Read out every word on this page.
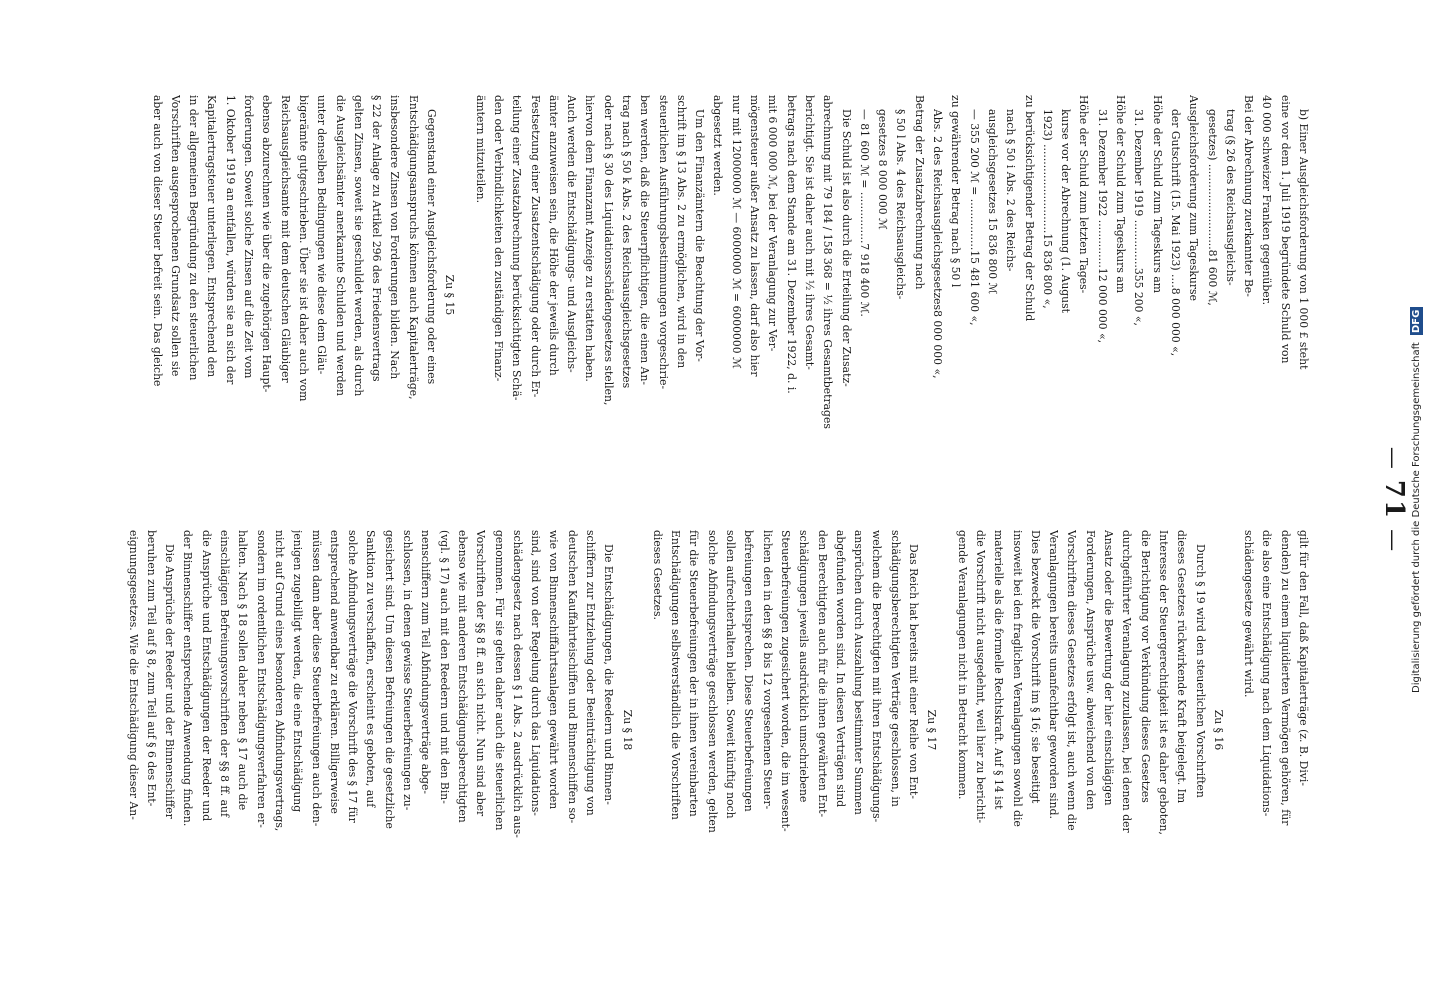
— 71 —
b) Einer Ausgleichsforderung von 1 000 £ steht
eine vor dem 1. Juli 1919 begründete Schuld von
40 000 schweizer Franken gegenüber.
Bei der Abrechnung zuerkannter Be-
trag (§ 26 des Reichsausgleichs-
gesetzes) .........................81 600 ℳ,
Ausgleichsforderung zum Tageskurse
der Gutschrift (15. Mai 1923) ....8 000 000 «,
Höhe der Schuld zum Tageskurs am
31. Dezember 1919 ..............355 200 «,
Höhe der Schuld zum Tageskurs am
31. Dezember 1922 ..............12 000 000 «,
Höhe der Schuld zum letzten Tages-
kurse vor der Abrechnung (1. August
1923) ..........................15 836 800 «,
zu berücksichtigender Betrag der Schuld
nach § 50 i Abs. 2 des Reichs-
ausgleichsgesetzes 15 836 800 ℳ
— 355 200 ℳ = ...............15 481 600 «,
zu gewährender Betrag nach § 50 l
Abs. 2 des Reichsausgleichsgesetzes8 000 000 «,
Betrag der Zusatzabrechnung nach
§ 50 l Abs. 4 des Reichsausgleichs-
gesetzes 8 000 000 ℳ
— 81 600 ℳ = ...............7 918 400 ℳ.
Die Schuld ist also durch die Erteilung der Zusatz-
abrechnung mit 79 184 / 158 368 = ½ ihres Gesamtbetrages
berichtigt. Sie ist daher auch mit ½ ihres Gesamt-
betrags nach dem Stande am 31. Dezember 1922, d. i.
mit 6 000 000 ℳ, bei der Veranlagung zur Ver-
mögensteuer außer Ansatz zu lassen, darf also hier
nur mit 12000000 ℳ — 6000000 ℳ = 6000000 ℳ
abgesetzt werden.
Um den Finanzämtern die Beachtung der Vor-
schrift im § 13 Abs. 2 zu ermöglichen, wird in den
steuerlichen Ausführungsbestimmungen vorgeschrie-
ben werden, daß die Steuerpflichtigen, die einen An-
trag nach § 50 k Abs. 2 des Reichsausgleichsgesetzes
oder nach § 30 des Liquidationsschädengesetzes stellen,
hiervon dem Finanzamt Anzeige zu erstatten haben.
Auch werden die Entschädigungs- und Ausgleichs-
ämter anzuweisen sein, die Höhe der jeweils durch
Festsetzung einer Zusatzentschädigung oder durch Er-
teilung einer Zusatzabrechnung berücksichtigten Schä-
den oder Verbindlichkeiten den zuständigen Finanz-
ämtern mitzuteilen.
Zu § 15
Gegenstand einer Ausgleichsforderung oder eines
Entschädigungsanspruchs können auch Kapitalerträge,
insbesondere Zinsen von Forderungen bilden. Nach
§ 22 der Anlage zu Artikel 296 des Friedensvertrags
gelten Zinsen, soweit sie geschuldet werden, als durch
die Ausgleichsämter anerkannte Schulden und werden
unter denselben Bedingungen wie diese dem Gläu-
bigerämte gutgeschrieben. Über sie ist daher auch vom
Reichsausgleichsamte mit dem deutschen Gläubiger
ebenso abzurechnen wie über die zugehörigen Haupt-
forderungen. Soweit solche Zinsen auf die Zeit vom
1. Oktober 1919 an entfallen, würden sie an sich der
Kapitalertragsteuer unterliegen. Entsprechend den
in der allgemeinen Begründung zu den steuerlichen
Vorschriften ausgesprochenen Grundsatz sollen sie
aber auch von dieser Steuer befreit sein. Das gleiche
gilt für den Fall, daß Kapitalerträge (z. B. Divi-
denden) zu einem liquidierten Vermögen gehören, für
die also eine Entschädigung nach dem Liquidations-
schädengesetze gewährt wird.
Zu § 16
Durch § 19 wird den steuerlichen Vorschriften
dieses Gesetzes rückwirkende Kraft beigelegt. Im
Interesse der Steuergerechtigkeit ist es daher geboten,
die Berichtigung vor Verkündung dieses Gesetzes
durchgeführter Veranlagung zuzulassen, bei denen der
Ansatz oder die Bewertung der hier einschlägigen
Forderungen, Ansprüche usw. abweichend von den
Vorschriften dieses Gesetzes erfolgt ist, auch wenn die
Veranlagungen bereits unanfechtbar geworden sind.
Dies bezweckt die Vorschrift im § 16; sie beseitigt
insoweit bei den fraglichen Veranlagungen sowohl die
materielle als die formelle Rechtskraft. Auf § 14 ist
die Vorschrift nicht ausgedehnt, weil hier zu berichti-
gende Veranlagungen nicht in Betracht kommen.
Zu § 17
Das Reich hat bereits mit einer Reihe von Ent-
schädigungsberechtigten Verträge geschlossen, in
welchem die Berechtigten mit ihren Entschädigungs-
ansprüchen durch Auszahlung bestimmter Summen
abgefunden worden sind. In diesen Verträgen sind
den Berechtigten auch für die ihnen gewährten Ent-
schädigungen jeweils ausdrücklich umschriebene
Steuerbefreiungen zugesichert worden, die im wesent-
lichen den in den §§ 8 bis 12 vorgesehenen Steuer-
befreiungen entsprechen. Diese Steuerbefreiungen
sollen aufrechterhalten bleiben. Soweit künftig noch
solche Abfindungsverträge geschlossen werden, gelten
für die Steuerbefreiungen der in ihnen vereinbarten
Entschädigungen selbstverständlich die Vorschriften
dieses Gesetzes.
Zu § 18
Die Entschädigungen, die Reedern und Binnen-
schiffern zur Entziehung oder Beeinträchtigung von
deutschen Kauffahrteischiffen und Binnenschiffen so-
wie von Binnenschiffahrtsanlagen gewährt worden
sind, sind von der Regelung durch das Liquidations-
schädengesetz nach dessen § 1 Abs. 2 ausdrücklich aus-
genommen. Für sie gelten daher auch die steuerlichen
Vorschriften der §§ 8 ff. an sich nicht. Nun sind aber
ebenso wie mit anderen Entschädigungsberechtigten
(vgl. § 17) auch mit den Reedern und mit den Bin-
nenschiffern zum Teil Abfindungsverträge abge-
schlossen, in denen gewisse Steuerbefreiungen zu-
gesichert sind. Um diesen Befreiungen die gesetzliche
Sanktion zu verschaffen, erscheint es geboten, auf
solche Abfindungsverträge die Vorschrift des § 17 für
entsprechend anwendbar zu erklären. Billigerweise
müssen dann aber diese Steuerbefreiungen auch den-
jenigen zugebilligt werden, die eine Entschädigung
nicht auf Grund eines besonderen Abfindungsvertrags,
sondern im ordentlichen Entschädigungsverfahren er-
halten. Nach § 18 sollen daher neben § 17 auch die
einschlägigen Befreiungsvorschriften der §§ 8 ff. auf
die Ansprüche und Entschädigungen der Reeder und
der Binnenschiffer entsprechende Anwendung finden.
Die Ansprüche der Reeder und der Binnenschiffer
beruhen zum Teil auf § 8, zum Teil auf § 6 des Ent-
eignungsgesetzes. Wie die Entschädigung dieser An-	Digitalisierung gefördert durch die Deutsche Forschungsgemeinschaft DFG
